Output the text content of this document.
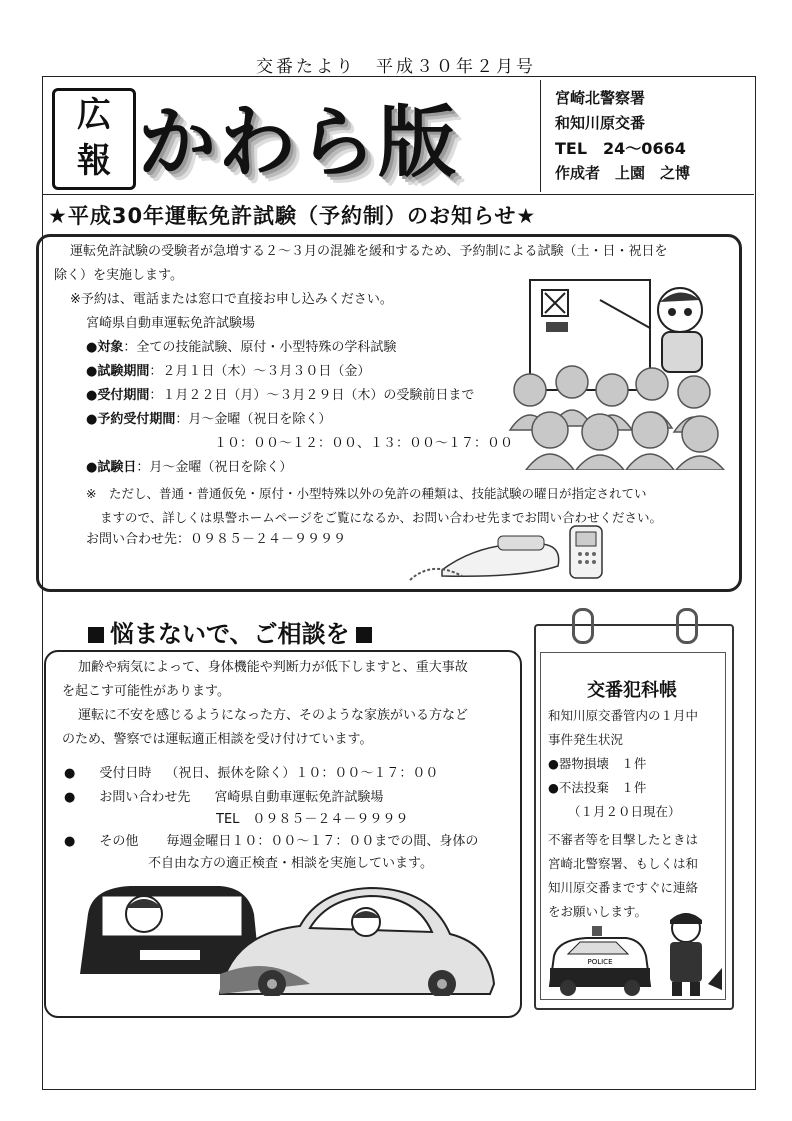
交番たより　平成３０年２月号
広
報 かわら版	宮崎北警察署
和知川原交番
TEL　24～0664
作成者　上園　之博
★平成30年運転免許試験（予約制）のお知らせ★
運転免許試験の受験者が急増する２～３月の混雑を緩和するため、予約制による試験（土・日・祝日を
除く）を実施します。
※予約は、電話または窓口で直接お申し込みください。
宮崎県自動車運転免許試験場
●対象：全ての技能試験、原付・小型特殊の学科試験
●試験期間：２月１日（木）～３月３０日（金）
●受付期間：１月２２日（月）～３月２９日（木）の受験前日まで
●予約受付期間：月～金曜（祝日を除く）
１０：００～１２：００、１３：００～１７：００
●試験日：月～金曜（祝日を除く）
※　ただし、普通・普通仮免・原付・小型特殊以外の免許の種類は、技能試験の曜日が指定されてい
ますので、詳しくは県警ホームページをご覧になるか、お問い合わせ先までお問い合わせください。
お問い合わせ先：０９８５－２４－９９９９
悩まないで、ご相談を
加齢や病気によって、身体機能や判断力が低下しますと、重大事故
を起こす可能性があります。
運転に不安を感じるようになった方、そのような家族がいる方など
のため、警察では運転適正相談を受け付けています。
● 受付日時 （祝日、振休を除く）１０：００～１７：００
● お問い合わせ先 宮崎県自動車運転免許試験場
TEL　０９８５－２４－９９９９
● その他 毎週金曜日１０：００～１７：００までの間、身体の
不自由な方の適正検査・相談を実施しています。
交番犯科帳
和知川原交番管内の１月中
事件発生状況
●器物損壊　１件
●不法投棄　１件
（１月２０日現在）
不審者等を目撃したときは
宮崎北警察署、もしくは和
知川原交番まですぐに連絡
をお願いします。
POLICE
